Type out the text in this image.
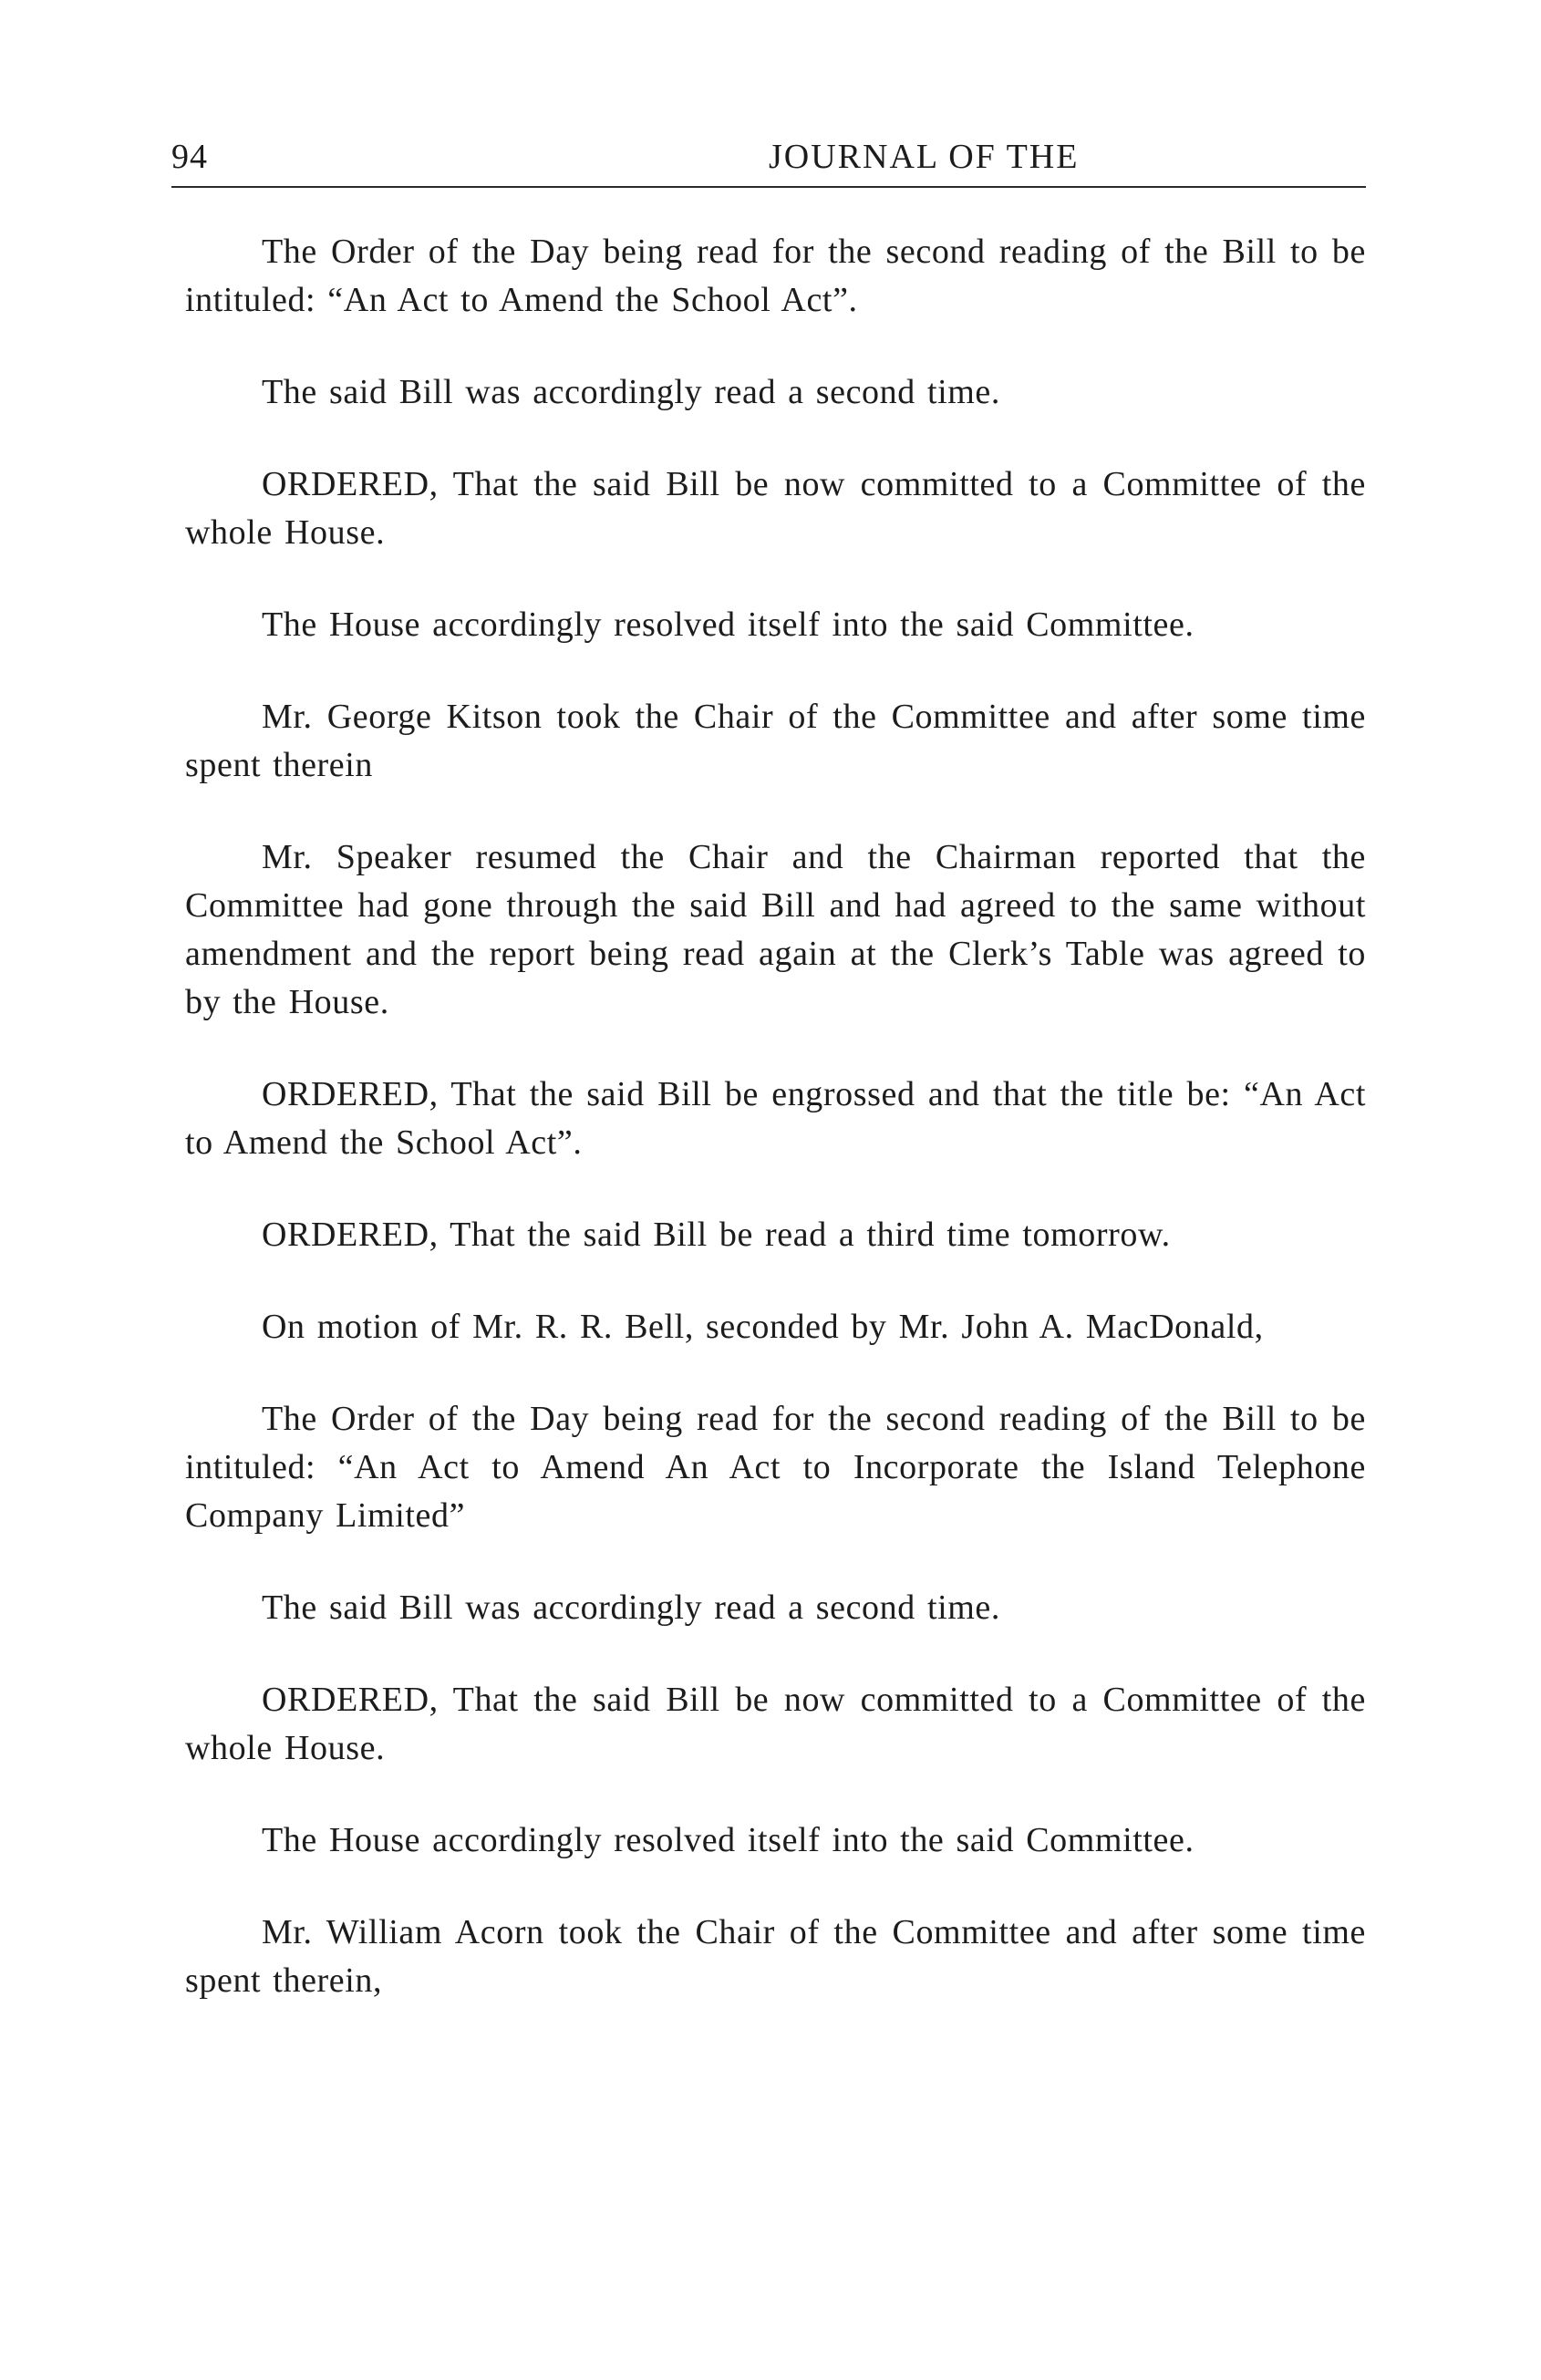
94	JOURNAL OF THE

The Order of the Day being read for the second reading of the Bill to be intituled: “An Act to Amend the School Act”.

The said Bill was accordingly read a second time.

ORDERED, That the said Bill be now committed to a Committee of the whole House.

The House accordingly resolved itself into the said Committee.

Mr. George Kitson took the Chair of the Committee and after some time spent therein

Mr. Speaker resumed the Chair and the Chairman reported that the Committee had gone through the said Bill and had agreed to the same without amendment and the report being read again at the Clerk’s Table was agreed to by the House.

ORDERED, That the said Bill be engrossed and that the title be: “An Act to Amend the School Act”.

ORDERED, That the said Bill be read a third time tomorrow.

On motion of Mr. R. R. Bell, seconded by Mr. John A. MacDonald,

The Order of the Day being read for the second reading of the Bill to be intituled: “An Act to Amend An Act to Incorporate the Island Telephone Company Limited”

The said Bill was accordingly read a second time.

ORDERED, That the said Bill be now committed to a Committee of the whole House.

The House accordingly resolved itself into the said Committee.

Mr. William Acorn took the Chair of the Committee and after some time spent therein,
